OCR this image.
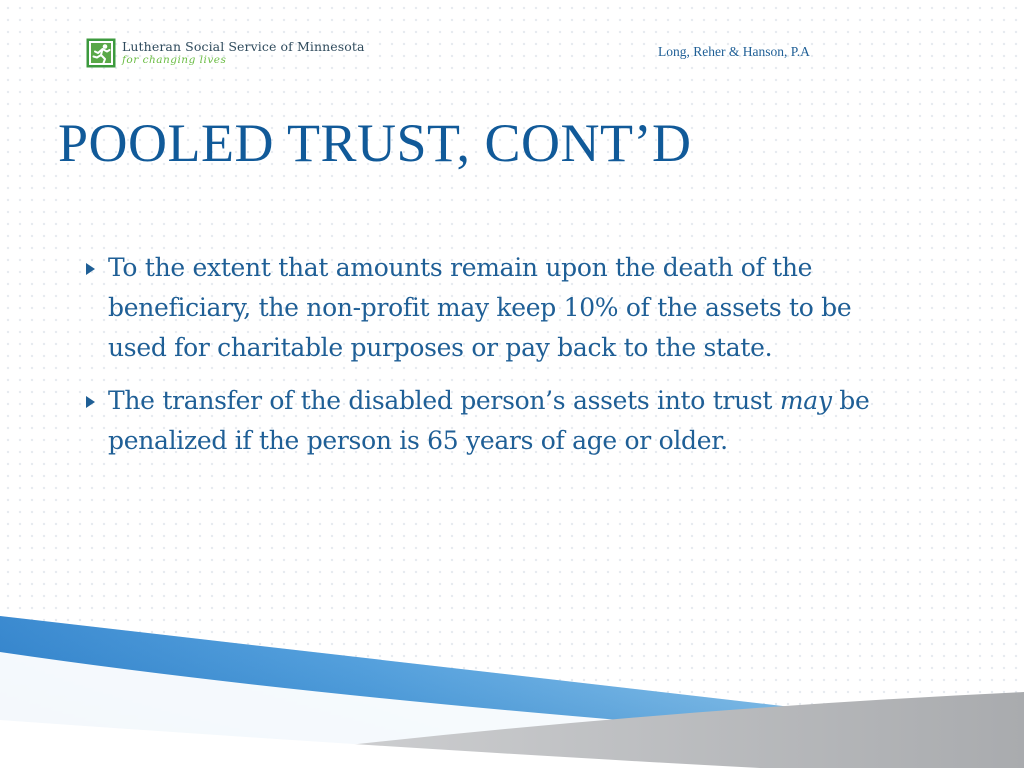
Lutheran Social Service of Minnesota
for changing lives
Long, Reher & Hanson, P.A
POOLED TRUST, CONT’D
To the extent that amounts remain upon the death of the beneficiary, the non-profit may keep 10% of the assets to be used for charitable purposes or pay back to the state.
The transfer of the disabled person’s assets into trust may be penalized if the person is 65 years of age or older.
